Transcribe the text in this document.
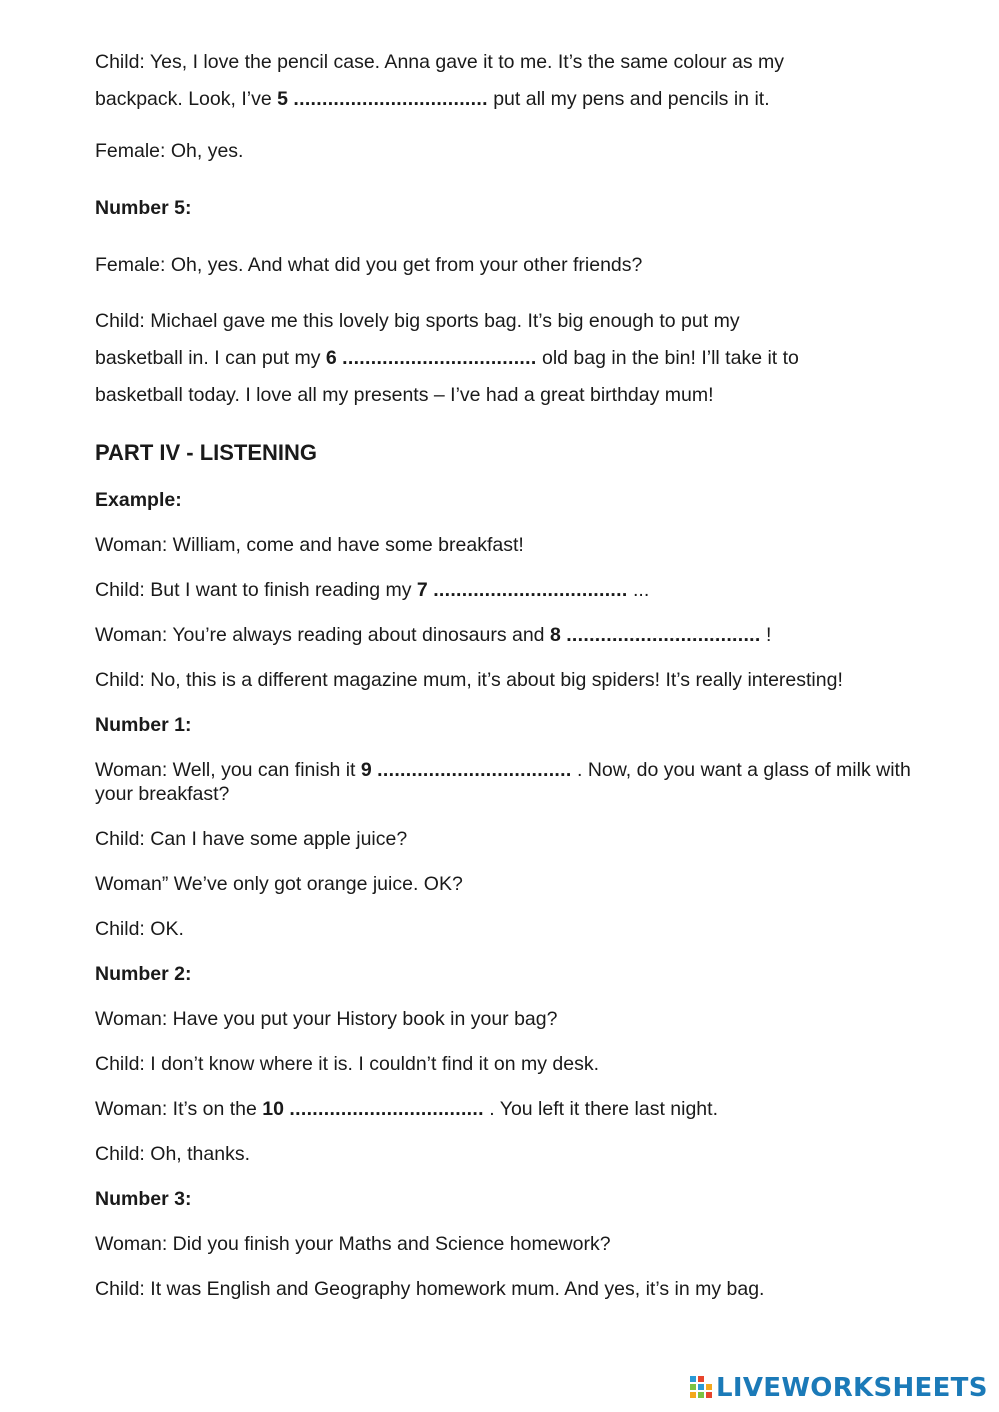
Child: Yes, I love the pencil case. Anna gave it to me. It’s the same colour as my
backpack. Look, I’ve 5 .................................. put all my pens and pencils in it.

Female: Oh, yes.

Number 5:

Female: Oh, yes. And what did you get from your other friends?

Child: Michael gave me this lovely big sports bag. It’s big enough to put my
basketball in. I can put my 6 .................................. old bag in the bin! I’ll take it to
basketball today. I love all my presents – I’ve had a great birthday mum!

PART IV - LISTENING

Example:

Woman: William, come and have some breakfast!

Child: But I want to finish reading my 7 .................................. ...

Woman: You’re always reading about dinosaurs and 8 .................................. !

Child: No, this is a different magazine mum, it’s about big spiders! It’s really interesting!

Number 1:

Woman: Well, you can finish it 9 .................................. . Now, do you want a glass of milk with your breakfast?

Child: Can I have some apple juice?

Woman” We’ve only got orange juice. OK?

Child: OK.

Number 2:

Woman: Have you put your History book in your bag?

Child: I don’t know where it is. I couldn’t find it on my desk.

Woman: It’s on the 10 .................................. . You left it there last night.

Child: Oh, thanks.

Number 3:

Woman: Did you finish your Maths and Science homework?

Child: It was English and Geography homework mum. And yes, it’s in my bag.

LIVEWORKSHEETS
